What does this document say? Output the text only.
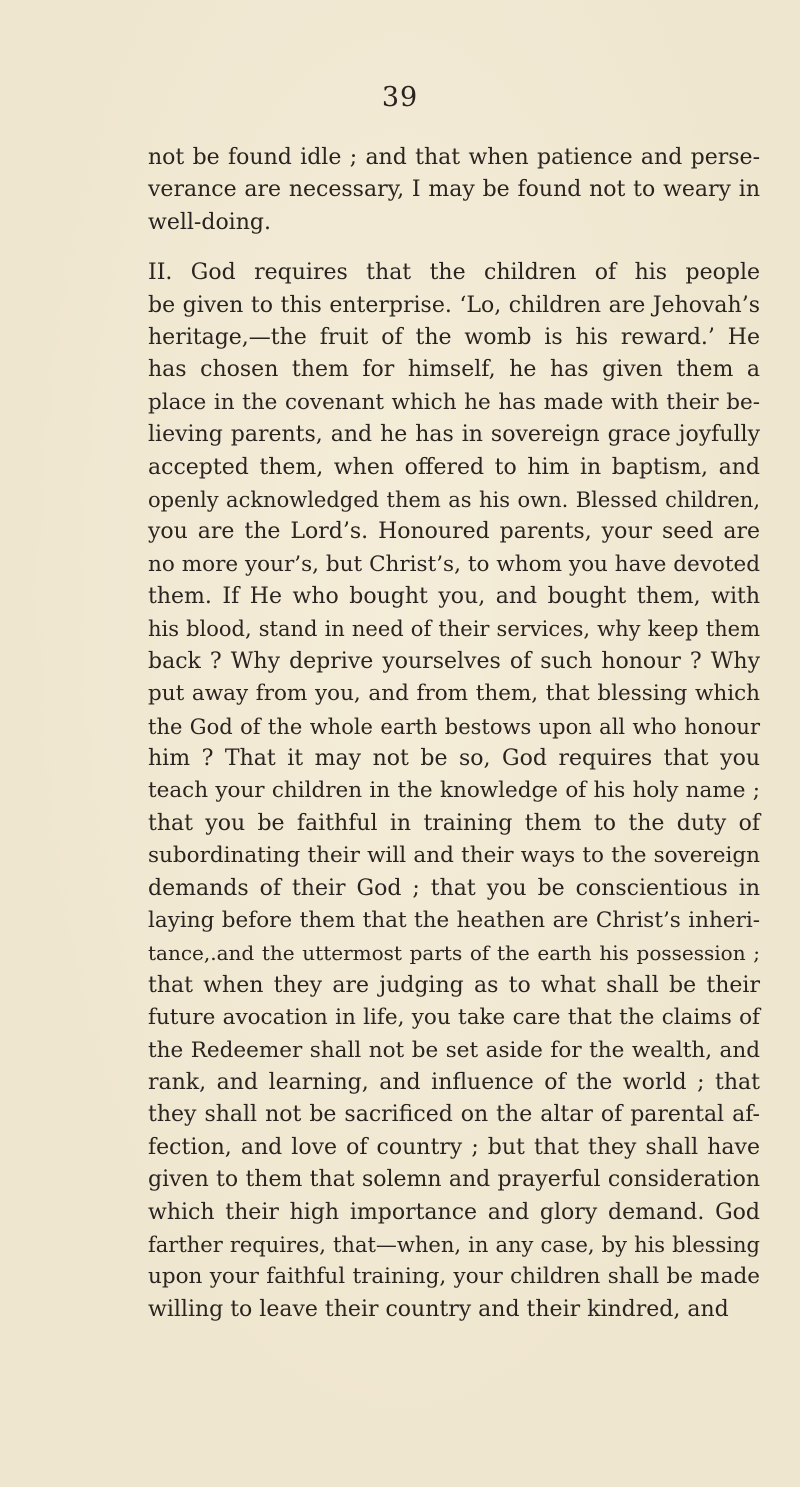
39
not be found idle ; and that when patience and perse-
verance are necessary, I may be found not to weary in
well-doing.
II. God requires that the children of his people
be given to this enterprise. ‘Lo, children are Jehovah’s
heritage,—the fruit of the womb is his reward.’ He
has chosen them for himself, he has given them a
place in the covenant which he has made with their be-
lieving parents, and he has in sovereign grace joyfully
accepted them, when offered to him in baptism, and
openly acknowledged them as his own. Blessed children,
you are the Lord’s. Honoured parents, your seed are
no more your’s, but Christ’s, to whom you have devoted
them. If He who bought you, and bought them, with
his blood, stand in need of their services, why keep them
back ? Why deprive yourselves of such honour ? Why
put away from you, and from them, that blessing which
the God of the whole earth bestows upon all who honour
him ? That it may not be so, God requires that you
teach your children in the knowledge of his holy name ;
that you be faithful in training them to the duty of
subordinating their will and their ways to the sovereign
demands of their God ; that you be conscientious in
laying before them that the heathen are Christ’s inheri-
tance,.and the uttermost parts of the earth his possession ;
that when they are judging as to what shall be their
future avocation in life, you take care that the claims of
the Redeemer shall not be set aside for the wealth, and
rank, and learning, and influence of the world ; that
they shall not be sacrificed on the altar of parental af-
fection, and love of country ; but that they shall have
given to them that solemn and prayerful consideration
which their high importance and glory demand. God
farther requires, that—when, in any case, by his blessing
upon your faithful training, your children shall be made
willing to leave their country and their kindred, and
